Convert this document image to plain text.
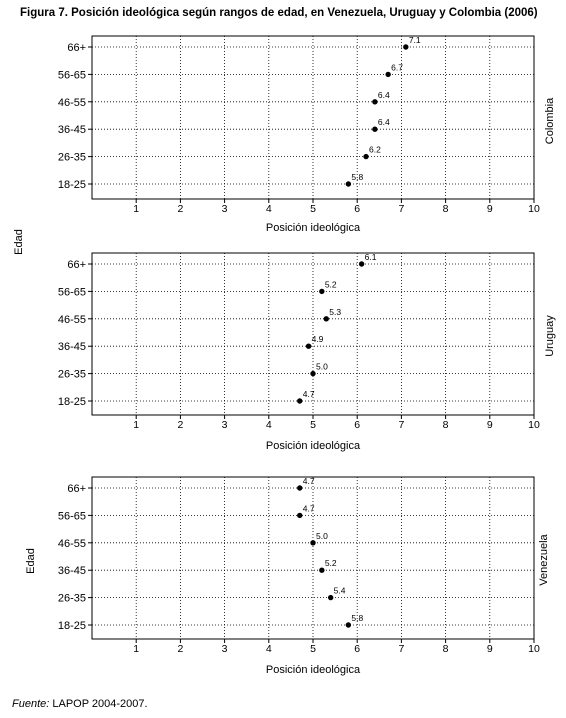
Figura 7. Posición ideológica según rangos de edad, en Venezuela, Uruguay y Colombia (2006)
66+
56-65
46-55
36-45
26-35
18-25
1	2	3	4	5	6	7	8	9	10
Posición ideológica
Edad
Colombia
7.1
6.7
6.4
6.4
6.2
5.8
66+
56-65
46-55
36-45
26-35
18-25
1	2	3	4	5	6	7	8	9	10
Posición ideológica
Uruguay
6.1
5.2
5.3
4.9
5.0
4.7
66+
56-65
46-55
36-45
26-35
18-25
1	2	3	4	5	6	7	8	9	10
Posición ideológica
Edad	Venezuela
4.7
4.7
5.0
5.2
5.4
5.8
Fuente: LAPOP 2004-2007.
